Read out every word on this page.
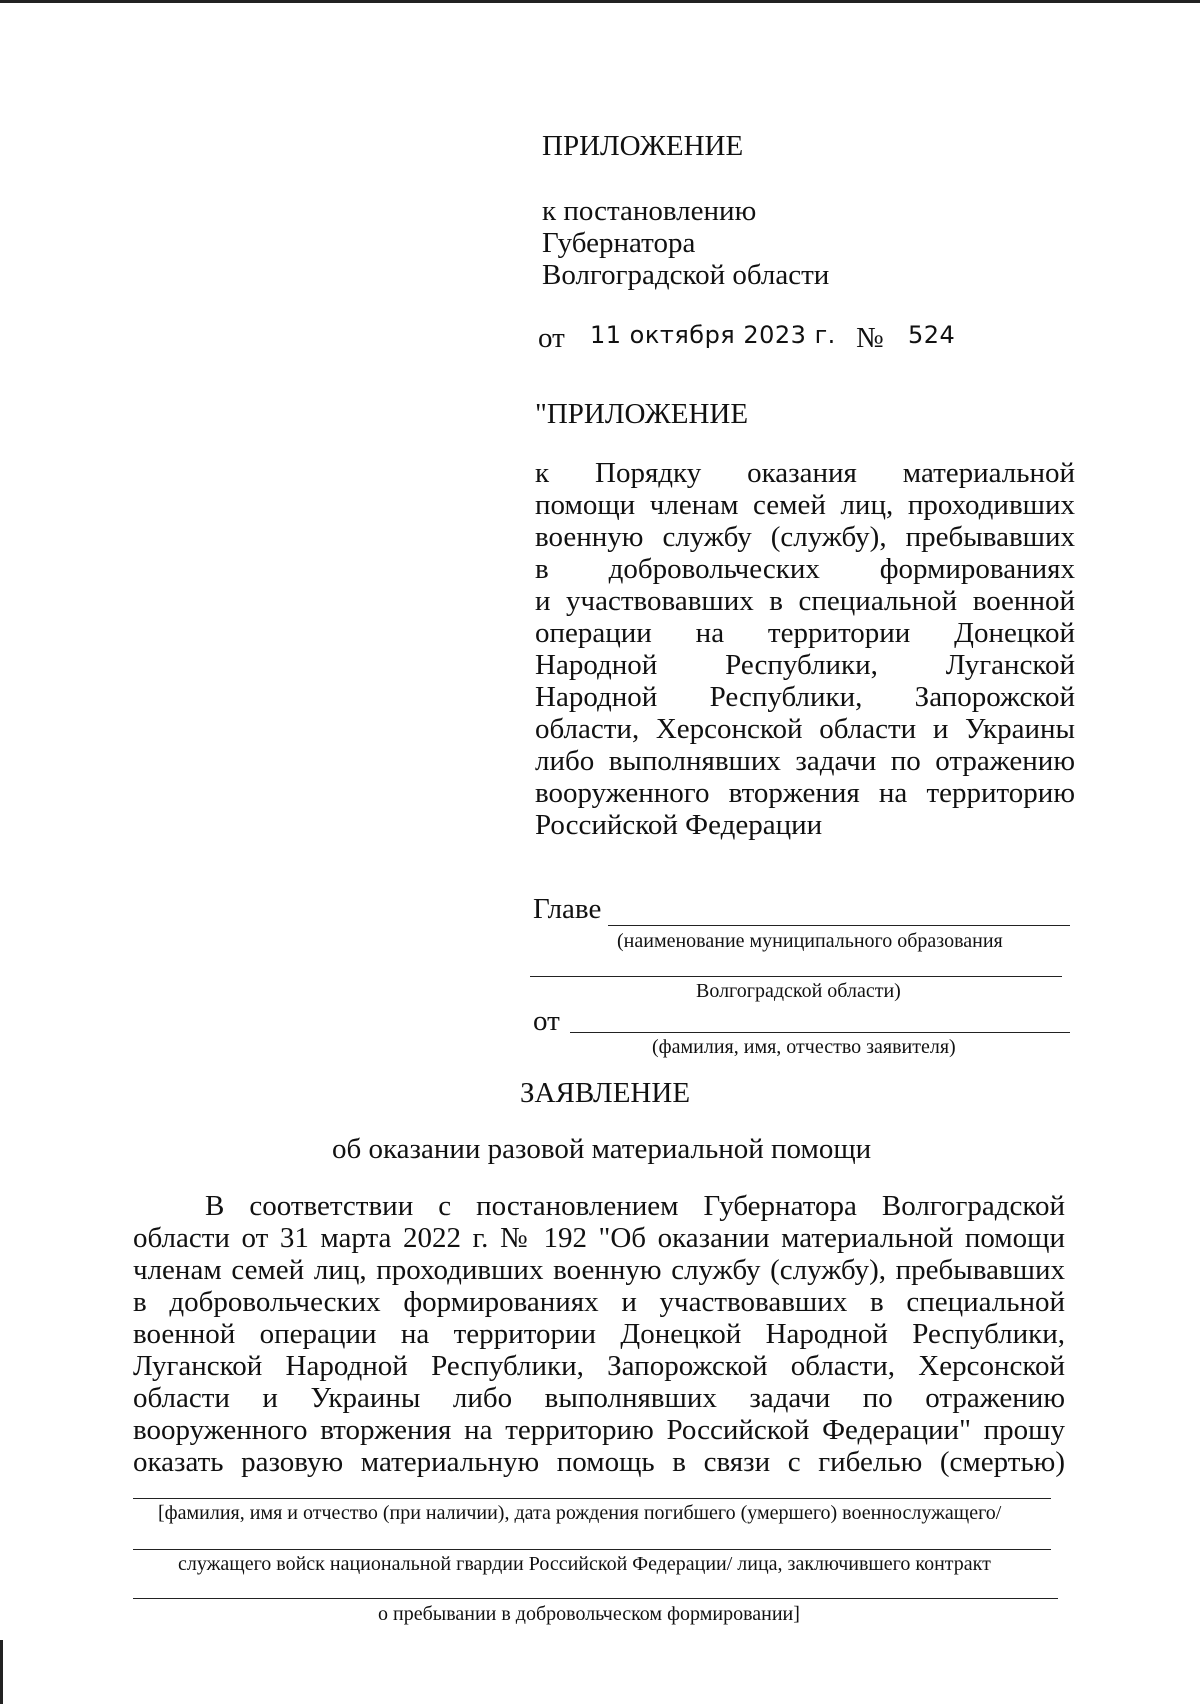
ПРИЛОЖЕНИЕ
к постановлению
Губернатора
Волгоградской области
от 11 октября 2023 г. № 524
"ПРИЛОЖЕНИЕ
к Порядку оказания материальной
помощи членам семей лиц, проходивших
военную службу (службу), пребывавших
в добровольческих формированиях
и участвовавших в специальной военной
операции на территории Донецкой
Народной Республики, Луганской
Народной Республики, Запорожской
области, Херсонской области и Украины
либо выполнявших задачи по отражению
вооруженного вторжения на территорию
Российской Федерации
Главе
(наименование муниципального образования
Волгоградской области)
от
(фамилия, имя, отчество заявителя)
ЗАЯВЛЕНИЕ
об оказании разовой материальной помощи
В соответствии с постановлением Губернатора Волгоградской
области от 31 марта 2022 г. № 192 "Об оказании материальной помощи
членам семей лиц, проходивших военную службу (службу), пребывавших
в добровольческих формированиях и участвовавших в специальной
военной операции на территории Донецкой Народной Республики,
Луганской Народной Республики, Запорожской области, Херсонской
области и Украины либо выполнявших задачи по отражению
вооруженного вторжения на территорию Российской Федерации" прошу
оказать разовую материальную помощь в связи с гибелью (смертью)
[фамилия, имя и отчество (при наличии), дата рождения погибшего (умершего) военнослужащего/
служащего войск национальной гвардии Российской Федерации/ лица, заключившего контракт
о пребывании в добровольческом формировании]
